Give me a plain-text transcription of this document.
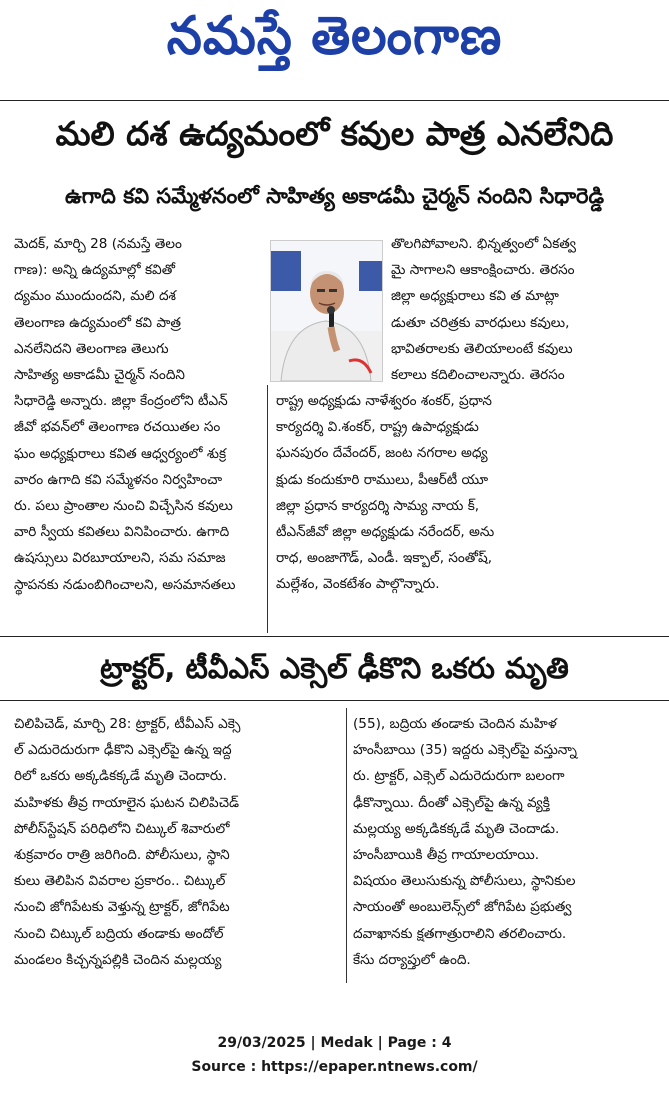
నమస్తే తెలంగాణ
మలి దశ ఉద్యమంలో కవుల పాత్ర ఎనలేనిది
ఉగాది కవి సమ్మేళనంలో సాహిత్య అకాడమీ చైర్మన్ నందిని సిధారెడ్డి

మెదక్, మార్చి 28 (నమస్తే తెలం

గాణ): అన్ని ఉద్యమాల్లో కవితో

ద్యమం ముందుందని, మలి దశ

తెలంగాణ ఉద్యమంలో కవి పాత్ర

ఎనలేనిదని తెలంగాణ తెలుగు

సాహిత్య అకాడమీ చైర్మన్ నందిని

సిధారెడ్డి అన్నారు. జిల్లా కేంద్రంలోని టీఎన్

జీవో భవన్‌లో తెలంగాణ రచయితల సం

ఘం అధ్యక్షురాలు కవిత ఆధ్వర్యంలో శుక్ర

వారం ఉగాది కవి సమ్మేళనం నిర్వహించా

రు. పలు ప్రాంతాల నుంచి విచ్చేసిన కవులు

వారి స్వీయ కవితలు వినిపించారు. ఉగాది

ఉషస్సులు విరబూయాలని, సమ సమాజ

స్థాపనకు నడుంబిగించాలని, అసమానతలు

తొలగిపోవాలని. భిన్నత్వంలో ఏకత్వ

మై సాగాలని ఆకాంక్షించారు. తెరసం

జిల్లా అధ్యక్షురాలు కవి త మాట్లా

డుతూ చరిత్రకు వారధులు కవులు,

భావితరాలకు తెలియాలంటే కవులు

కలాలు కదిలించాలన్నారు. తెరసం

రాష్ట్ర అధ్యక్షుడు నాళేశ్వరం శంకర్, ప్రధాన

కార్యదర్శి వి.శంకర్, రాష్ట్ర ఉపాధ్యక్షుడు

ఘనపురం దేవేందర్, జంట నగరాల అధ్య

క్షుడు కందుకూరి రాములు, పీఆర్‌టీ యూ

జిల్లా ప్రధాన కార్యదర్శి సామ్య నాయ క్,

టీఎన్‌జీవో జిల్లా అధ్యక్షుడు నరేందర్, అను

రాధ, అంజాగౌడ్, ఎండీ. ఇక్బాల్, సంతోష్,

మల్లేశం, వెంకటేశం పాల్గొన్నారు.

ట్రాక్టర్, టీవీఎస్ ఎక్సెల్ ఢీకొని ఒకరు మృతి

చిలిపిచెడ్, మార్చి 28: ట్రాక్టర్, టీవీఎస్ ఎక్సె

ల్ ఎదురెదురుగా ఢీకొని ఎక్సెల్‌పై ఉన్న ఇద్ద

రిలో ఒకరు అక్కడికక్కడే మృతి చెందారు.

మహిళకు తీవ్ర గాయాలైన ఘటన చిలిపిచెడ్

పోలీస్‌స్టేషన్ పరిధిలోని చిట్కుల్ శివారులో

శుక్రవారం రాత్రి జరిగింది. పోలీసులు, స్థాని

కులు తెలిపిన వివరాల ప్రకారం.. చిట్కుల్

నుంచి జోగిపేటకు వెళ్తున్న ట్రాక్టర్, జోగిపేట

నుంచి చిట్కుల్ బద్రియ తండాకు అందోల్

మండలం కిచ్చన్నపల్లికి చెందిన మల్లయ్య

(55), బద్రియ తండాకు చెందిన మహిళ

హంసీబాయి (35) ఇద్దరు ఎక్సెల్‌పై వస్తున్నా

రు. ట్రాక్టర్, ఎక్సెల్ ఎదురెదురుగా బలంగా

ఢీకొన్నాయి. దీంతో ఎక్సెల్‌పై ఉన్న వ్యక్తి

మల్లయ్య అక్కడికక్కడే మృతి చెందాడు.

హంసీబాయికి తీవ్ర గాయాలయాయి.

విషయం తెలుసుకున్న పోలీసులు, స్థానికుల

సాయంతో అంబులెన్స్‌లో జోగిపేట ప్రభుత్వ

దవాఖానకు క్షతగాత్రురాలిని తరలించారు.

కేసు దర్యాప్తులో ఉంది.

29/03/2025 | Medak | Page : 4
Source : https://epaper.ntnews.com/
